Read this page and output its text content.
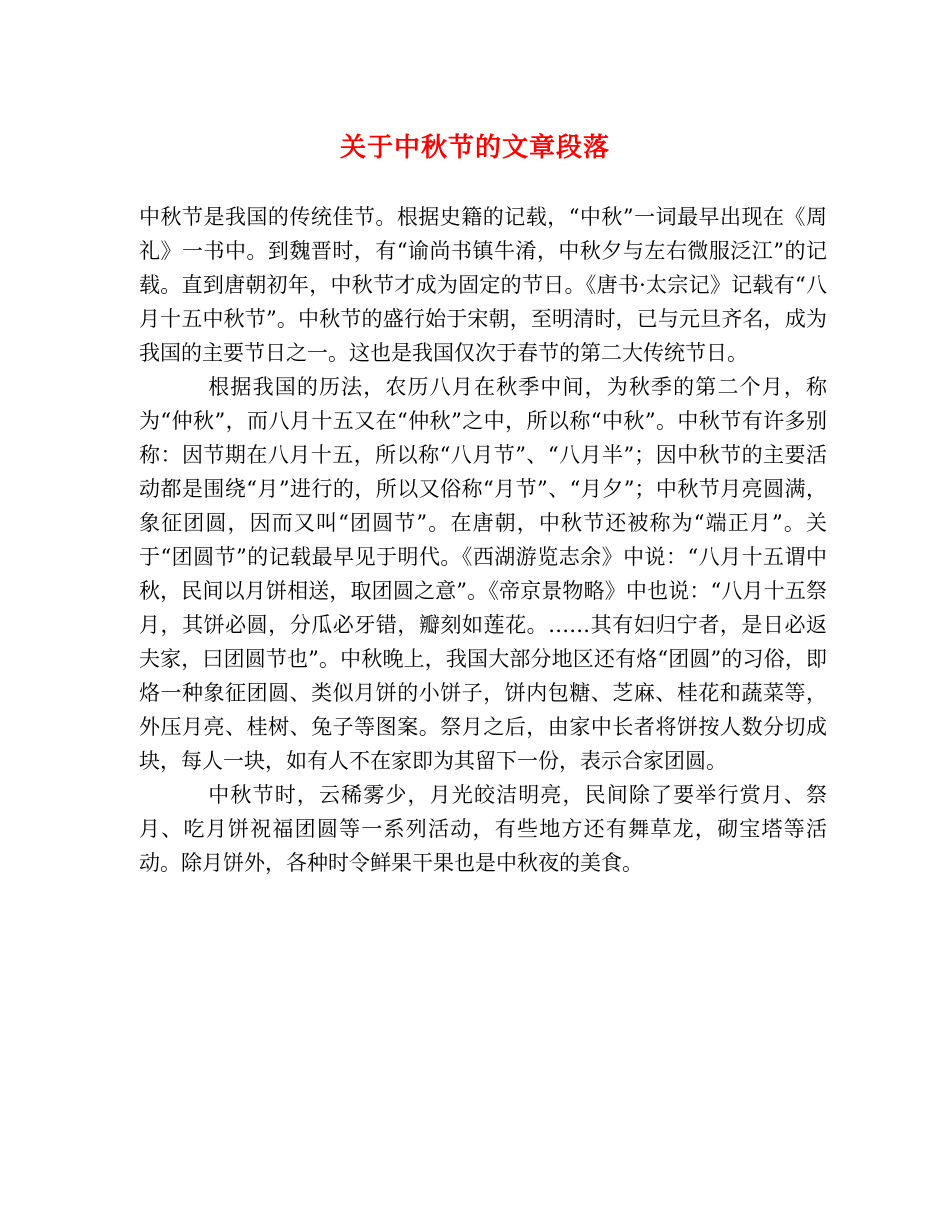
关于中秋节的文章段落

中秋节是我国的传统佳节。根据史籍的记载，“中秋”一词最早出现在《周礼》一书中。到魏晋时，有“谕尚书镇牛淆，中秋夕与左右微服泛江”的记载。直到唐朝初年，中秋节才成为固定的节日。《唐书·太宗记》记载有“八月十五中秋节”。中秋节的盛行始于宋朝，至明清时，已与元旦齐名，成为我国的主要节日之一。这也是我国仅次于春节的第二大传统节日。

根据我国的历法，农历八月在秋季中间，为秋季的第二个月，称为“仲秋”，而八月十五又在“仲秋”之中，所以称“中秋”。中秋节有许多别称：因节期在八月十五，所以称“八月节”、“八月半”；因中秋节的主要活动都是围绕“月”进行的，所以又俗称“月节”、“月夕”；中秋节月亮圆满，象征团圆，因而又叫“团圆节”。在唐朝，中秋节还被称为“端正月”。关于“团圆节”的记载最早见于明代。《西湖游览志余》中说：“八月十五谓中秋，民间以月饼相送，取团圆之意”。《帝京景物略》中也说：“八月十五祭月，其饼必圆，分瓜必牙错，瓣刻如莲花。……其有妇归宁者，是日必返夫家，曰团圆节也”。中秋晚上，我国大部分地区还有烙“团圆”的习俗，即烙一种象征团圆、类似月饼的小饼子，饼内包糖、芝麻、桂花和蔬菜等，外压月亮、桂树、兔子等图案。祭月之后，由家中长者将饼按人数分切成块，每人一块，如有人不在家即为其留下一份，表示合家团圆。

中秋节时，云稀雾少，月光皎洁明亮，民间除了要举行赏月、祭月、吃月饼祝福团圆等一系列活动，有些地方还有舞草龙，砌宝塔等活动。除月饼外，各种时令鲜果干果也是中秋夜的美食。
